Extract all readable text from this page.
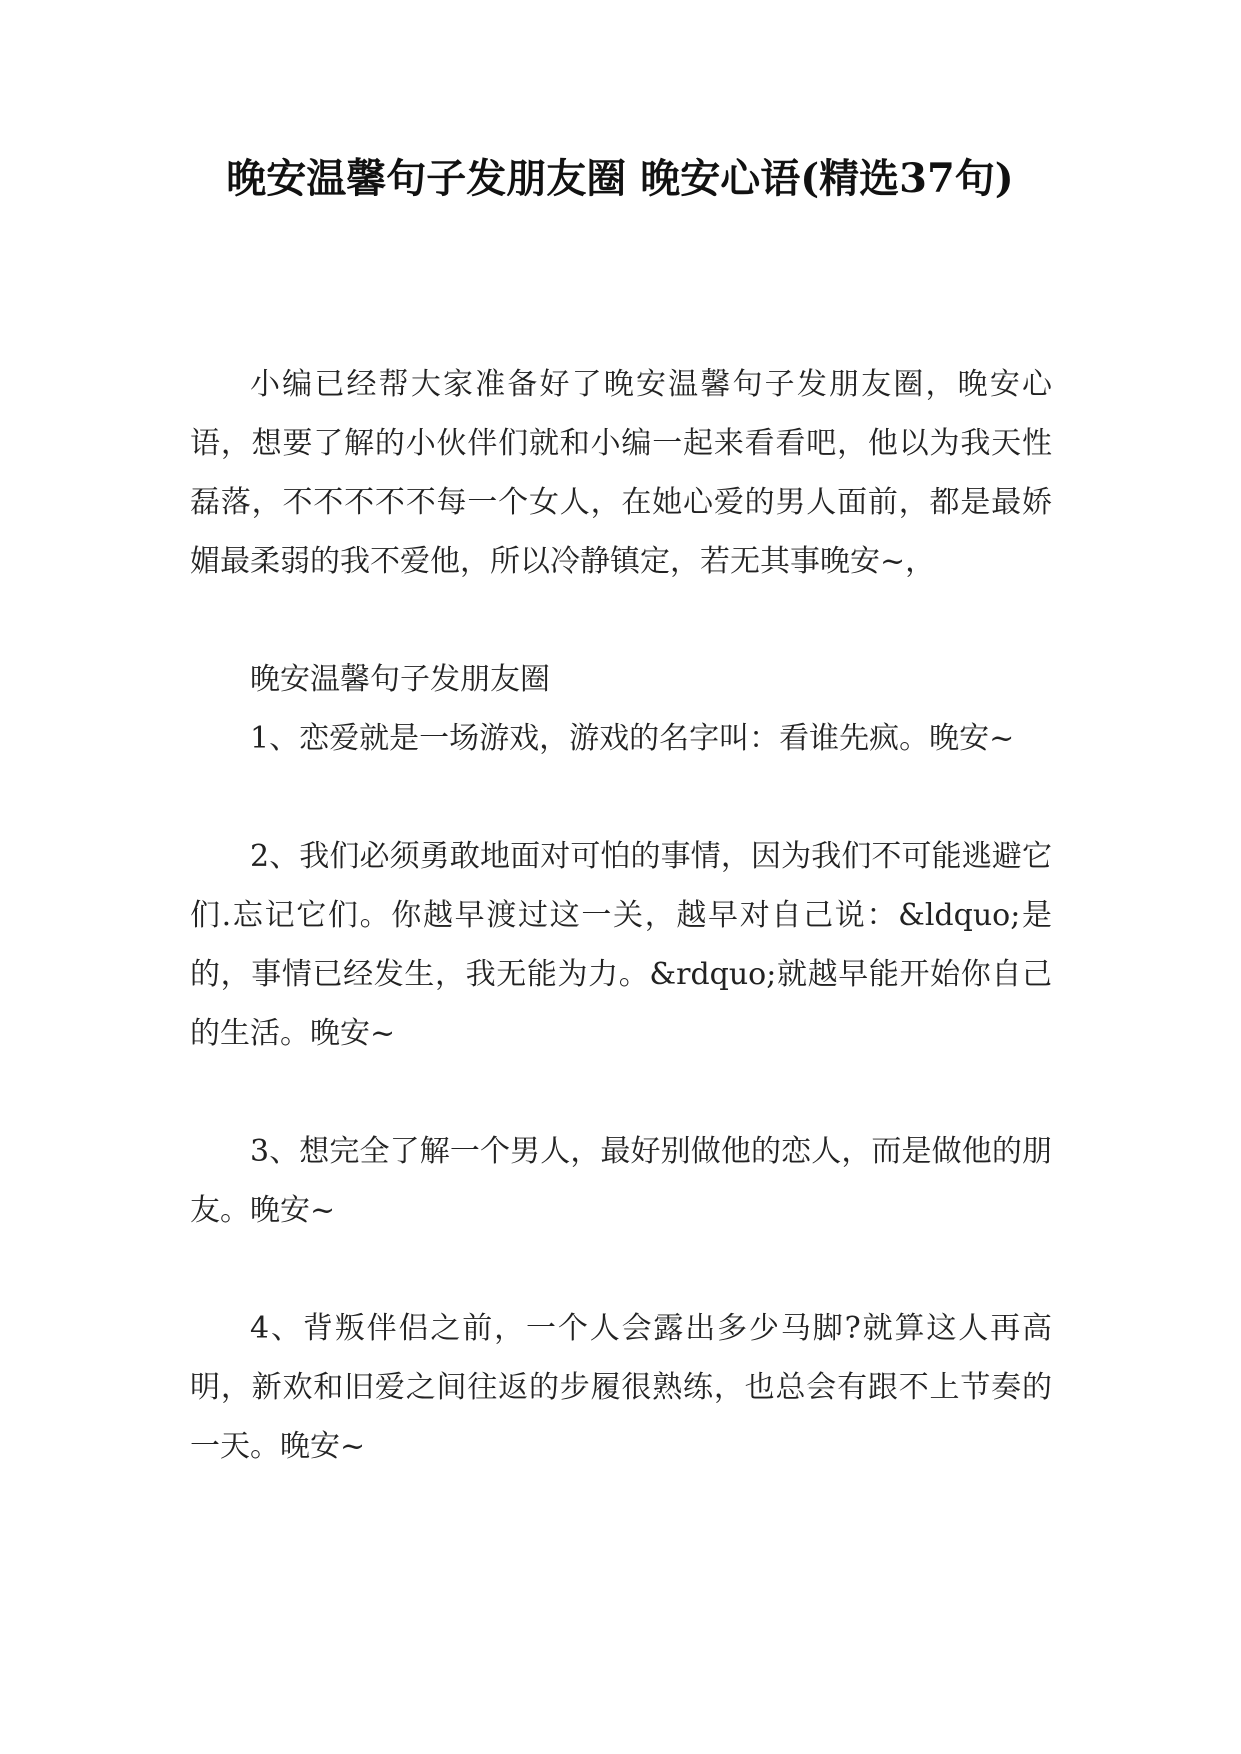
晚安温馨句子发朋友圈 晚安心语(精选37句)

小编已经帮大家准备好了晚安温馨句子发朋友圈，晚安心语，想要了解的小伙伴们就和小编一起来看看吧，他以为我天性磊落，不不不不不每一个女人，在她心爱的男人面前，都是最娇媚最柔弱的我不爱他，所以冷静镇定，若无其事晚安~，

晚安温馨句子发朋友圈

1、恋爱就是一场游戏，游戏的名字叫：看谁先疯。晚安~

2、我们必须勇敢地面对可怕的事情，因为我们不可能逃避它们.忘记它们。你越早渡过这一关，越早对自己说：&ldquo;是的，事情已经发生，我无能为力。&rdquo;就越早能开始你自己的生活。晚安~

3、想完全了解一个男人，最好别做他的恋人，而是做他的朋友。晚安~

4、背叛伴侣之前，一个人会露出多少马脚?就算这人再高明，新欢和旧爱之间往返的步履很熟练，也总会有跟不上节奏的一天。晚安~
